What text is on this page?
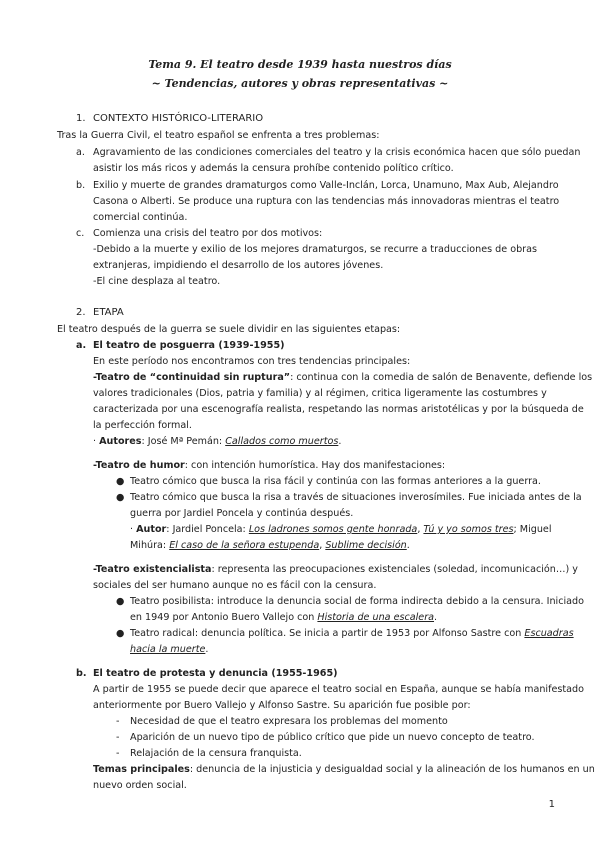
Tema 9. El teatro desde 1939 hasta nuestros días
~ Tendencias, autores y obras representativas ~
1. CONTEXTO HISTÓRICO-LITERARIO
Tras la Guerra Civil, el teatro español se enfrenta a tres problemas:
a. Agravamiento de las condiciones comerciales del teatro y la crisis económica hacen que sólo puedan
asistir los más ricos y además la censura prohíbe contenido político crítico.
b. Exilio y muerte de grandes dramaturgos como Valle-Inclán, Lorca, Unamuno, Max Aub, Alejandro
Casona o Alberti. Se produce una ruptura con las tendencias más innovadoras mientras el teatro
comercial continúa.
c. Comienza una crisis del teatro por dos motivos:
-Debido a la muerte y exilio de los mejores dramaturgos, se recurre a traducciones de obras
extranjeras, impidiendo el desarrollo de los autores jóvenes.
-El cine desplaza al teatro.
2. ETAPA
El teatro después de la guerra se suele dividir en las siguientes etapas:
a. El teatro de posguerra (1939-1955)
En este período nos encontramos con tres tendencias principales:
-Teatro de “continuidad sin ruptura”: continua con la comedia de salón de Benavente, defiende los
valores tradicionales (Dios, patria y familia) y al régimen, critica ligeramente las costumbres y
caracterizada por una escenografía realista, respetando las normas aristotélicas y por la búsqueda de
la perfección formal.
· Autores: José Mª Pemán: Callados como muertos.
-Teatro de humor: con intención humorística. Hay dos manifestaciones:
● Teatro cómico que busca la risa fácil y continúa con las formas anteriores a la guerra.
● Teatro cómico que busca la risa a través de situaciones inverosímiles. Fue iniciada antes de la
guerra por Jardiel Poncela y continúa después.
· Autor: Jardiel Poncela: Los ladrones somos gente honrada, Tú y yo somos tres; Miguel
Mihúra: El caso de la señora estupenda, Sublime decisión.
-Teatro existencialista: representa las preocupaciones existenciales (soledad, incomunicación…) y
sociales del ser humano aunque no es fácil con la censura.
● Teatro posibilista: introduce la denuncia social de forma indirecta debido a la censura. Iniciado
en 1949 por Antonio Buero Vallejo con Historia de una escalera.
● Teatro radical: denuncia política. Se inicia a partir de 1953 por Alfonso Sastre con Escuadras
hacia la muerte.
b. El teatro de protesta y denuncia (1955-1965)
A partir de 1955 se puede decir que aparece el teatro social en España, aunque se había manifestado
anteriormente por Buero Vallejo y Alfonso Sastre. Su aparición fue posible por:
- Necesidad de que el teatro expresara los problemas del momento
- Aparición de un nuevo tipo de público crítico que pide un nuevo concepto de teatro.
- Relajación de la censura franquista.
Temas principales: denuncia de la injusticia y desigualdad social y la alineación de los humanos en un
nuevo orden social.
1
